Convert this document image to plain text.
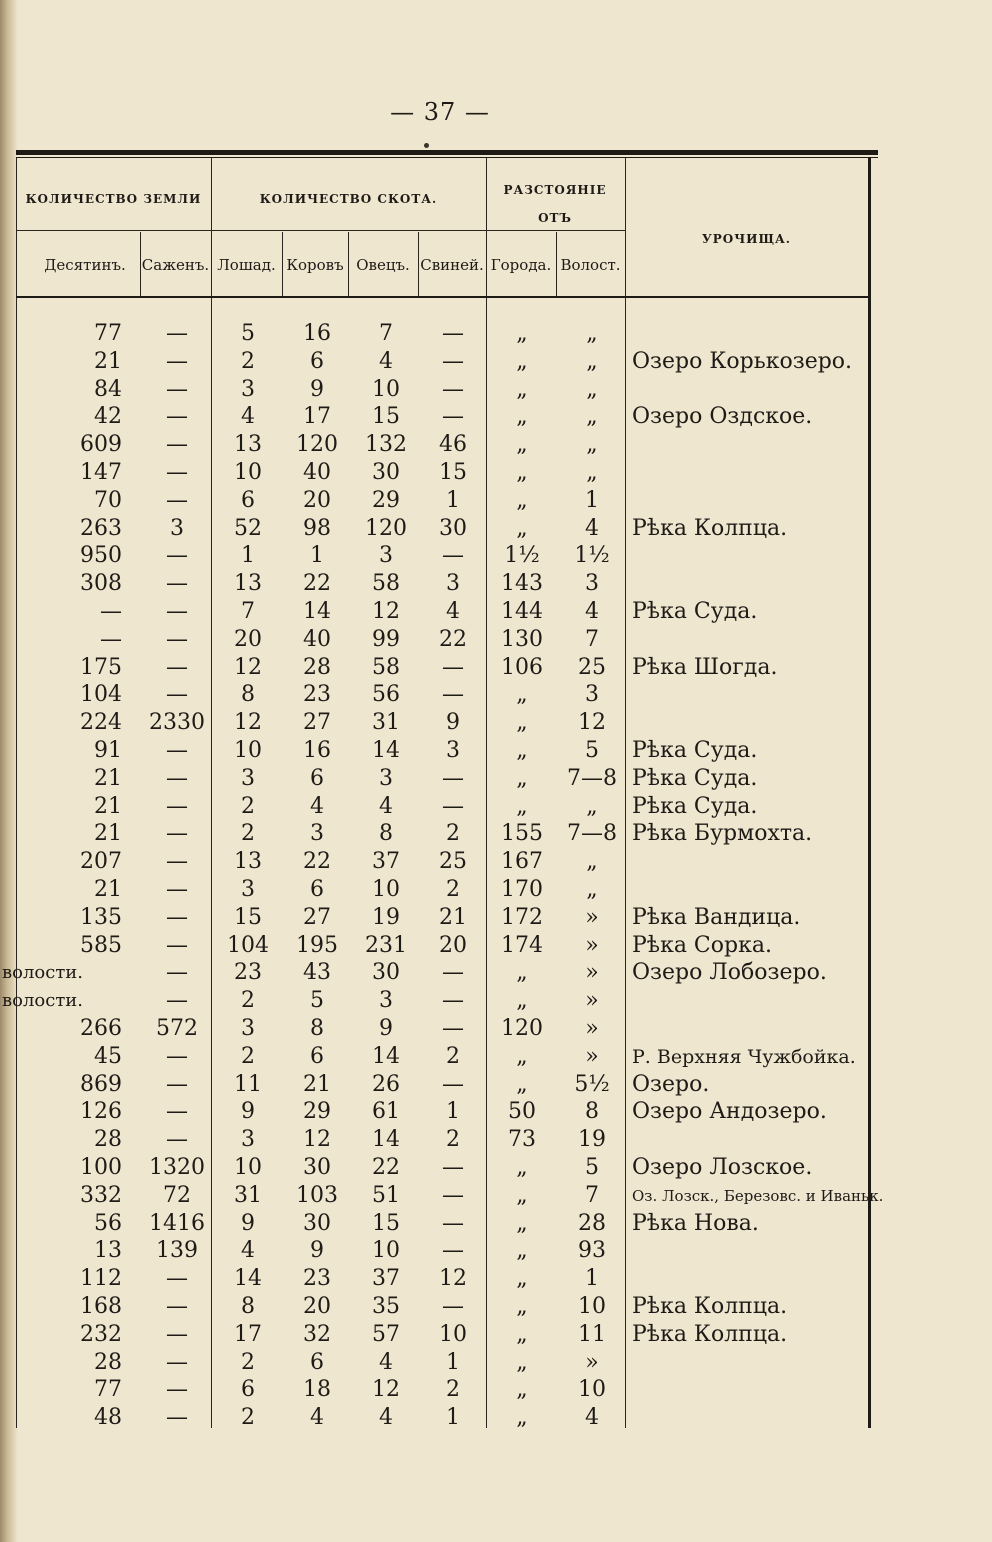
— 37 —
КОЛИЧЕСТВО ЗЕМЛИ	КОЛИЧЕСТВО СКОТА.
РАЗСТОЯНІЕ ОТЪ
УРОЧИЩА.
Десятинъ.	Саженъ. Лошад. Коровъ Овецъ. Свиней. Города. Волост.
77	—	5	16	7	—	„	„
21	—	2	6	4	—	„	„	Озеро Корькозеро.
84	—	3	9	10	—	„	„
42	—	4	17	15	—	„	„	Озеро Оздское.
609	—	13	120	132	46	„	„
147	—	10	40	30	15	„	„
70	—	6	20	29	1	„	1
263	3	52	98	120	30	„	4	Рѣка Колпца.
950	—	1	1	3	—	1½	1½
308	—	13	22	58	3	143	3
—	—	7	14	12	4	144	4	Рѣка Суда.
—	—	20	40	99	22	130	7
175	—	12	28	58	—	106	25	Рѣка Шогда.
104	—	8	23	56	—	„	3
224	2330	12	27	31	9	„	12
91	—	10	16	14	3	„	5	Рѣка Суда.
21	—	3	6	3	—	„	7—8 Рѣка Суда.
21	—	2	4	4	—	„	„	Рѣка Суда.
21	—	2	3	8	2	155	7—8 Рѣка Бурмохта.
207	—	13	22	37	25	167	„
21	—	3	6	10	2	170	„
135	—	15	27	19	21	172	»	Рѣка Вандица.
585	—	104	195	231	20	174	»	Рѣка Сорка.
волости.	—	23	43	30	—	„	»	Озеро Лобозеро.
волости.	—	2	5	3	—	„	»
266	572	3	8	9	—	120	»
45	—	2	6	14	2	„	»	Р. Верхняя Чужбойка.
869	—	11	21	26	—	„	5½	Озеро.
126	—	9	29	61	1	50	8	Озеро Андозеро.
28	—	3	12	14	2	73	19
100	1320	10	30	22	—	„	5	Озеро Лозское.
332	72	31	103	51	—	„	7	Оз. Лозск., Березовс. и Иваньк.
56	1416	9	30	15	—	„	28	Рѣка Нова.
13	139	4	9	10	—	„	93
112	—	14	23	37	12	„	1
168	—	8	20	35	—	„	10	Рѣка Колпца.
232	—	17	32	57	10	„	11	Рѣка Колпца.
28	—	2	6	4	1	„	»
77	—	6	18	12	2	„	10
48	—	2	4	4	1	„	4
